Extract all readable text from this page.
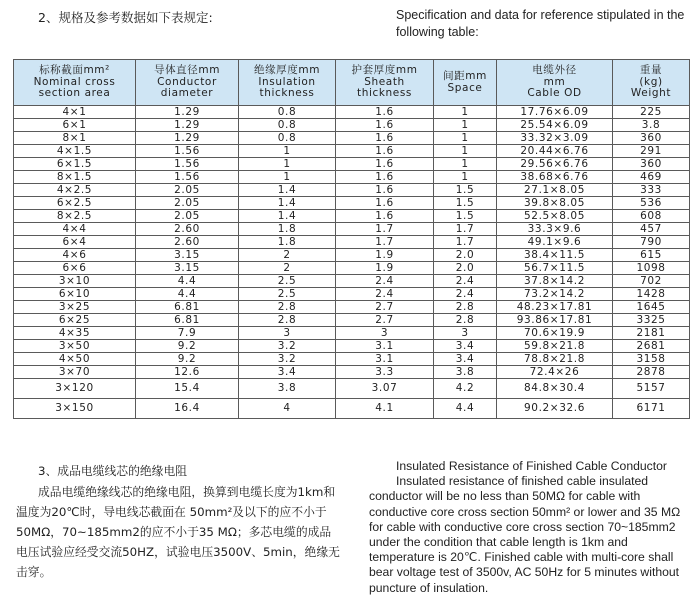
2、规格及参考数据如下表规定:	Specification and data for reference stipulated in the
following table:
标称截面mm²
Nominal cross
section area	导体直径mm
Conductor
diameter	绝缘厚度mm
Insulation
thickness	护套厚度mm
Sheath
thickness	间距mm
Space	电缆外径
mm
Cable OD	重量
(kg)
Weight

4×1	1.29	0.8	1.6	1	17.76×6.09	225
6×1	1.29	0.8	1.6	1	25.54×6.09	3.8
8×1	1.29	0.8	1.6	1	33.32×3.09	360
4×1.5	1.56	1	1.6	1	20.44×6.76	291
6×1.5	1.56	1	1.6	1	29.56×6.76	360
8×1.5	1.56	1	1.6	1	38.68×6.76	469
4×2.5	2.05	1.4	1.6	1.5	27.1×8.05	333
6×2.5	2.05	1.4	1.6	1.5	39.8×8.05	536
8×2.5	2.05	1.4	1.6	1.5	52.5×8.05	608
4×4	2.60	1.8	1.7	1.7	33.3×9.6	457
6×4	2.60	1.8	1.7	1.7	49.1×9.6	790
4×6	3.15	2	1.9	2.0	38.4×11.5	615
6×6	3.15	2	1.9	2.0	56.7×11.5	1098
3×10	4.4	2.5	2.4	2.4	37.8×14.2	702
6×10	4.4	2.5	2.4	2.4	73.2×14.2	1428
3×25	6.81	2.8	2.7	2.8	48.23×17.81	1645
6×25	6.81	2.8	2.7	2.8	93.86×17.81	3325
4×35	7.9	3	3	3	70.6×19.9	2181
3×50	9.2	3.2	3.1	3.4	59.8×21.8	2681
4×50	9.2	3.2	3.1	3.4	78.8×21.8	3158
3×70	12.6	3.4	3.3	3.8	72.4×26	2878
3×120	15.4	3.8	3.07	4.2	84.8×30.4	5157
3×150	16.4	4	4.1	4.4	90.2×32.6	6171
3、成品电缆线芯的绝缘电阻
成品电缆绝缘线芯的绝缘电阻，换算到电缆长度为1km和温度为20℃时，导电线芯截面在 50mm²及以下的应不小于50MΩ，70~185mm2的应不小于35 MΩ；多芯电缆的成品电压试验应经受交流50HZ，试验电压3500V、5min，绝缘无击穿。
Insulated Resistance of Finished Cable Conductor
Insulated resistance of finished cable insulated conductor will be no less than 50MΩ for cable with conductive core cross section 50mm² or lower and 35 MΩ for cable with conductive core cross section 70~185mm2 under the condition that cable length is 1km and temperature is 20℃. Finished cable with multi-core shall bear voltage test of 3500v, AC 50Hz for 5 minutes without puncture of insulation.
